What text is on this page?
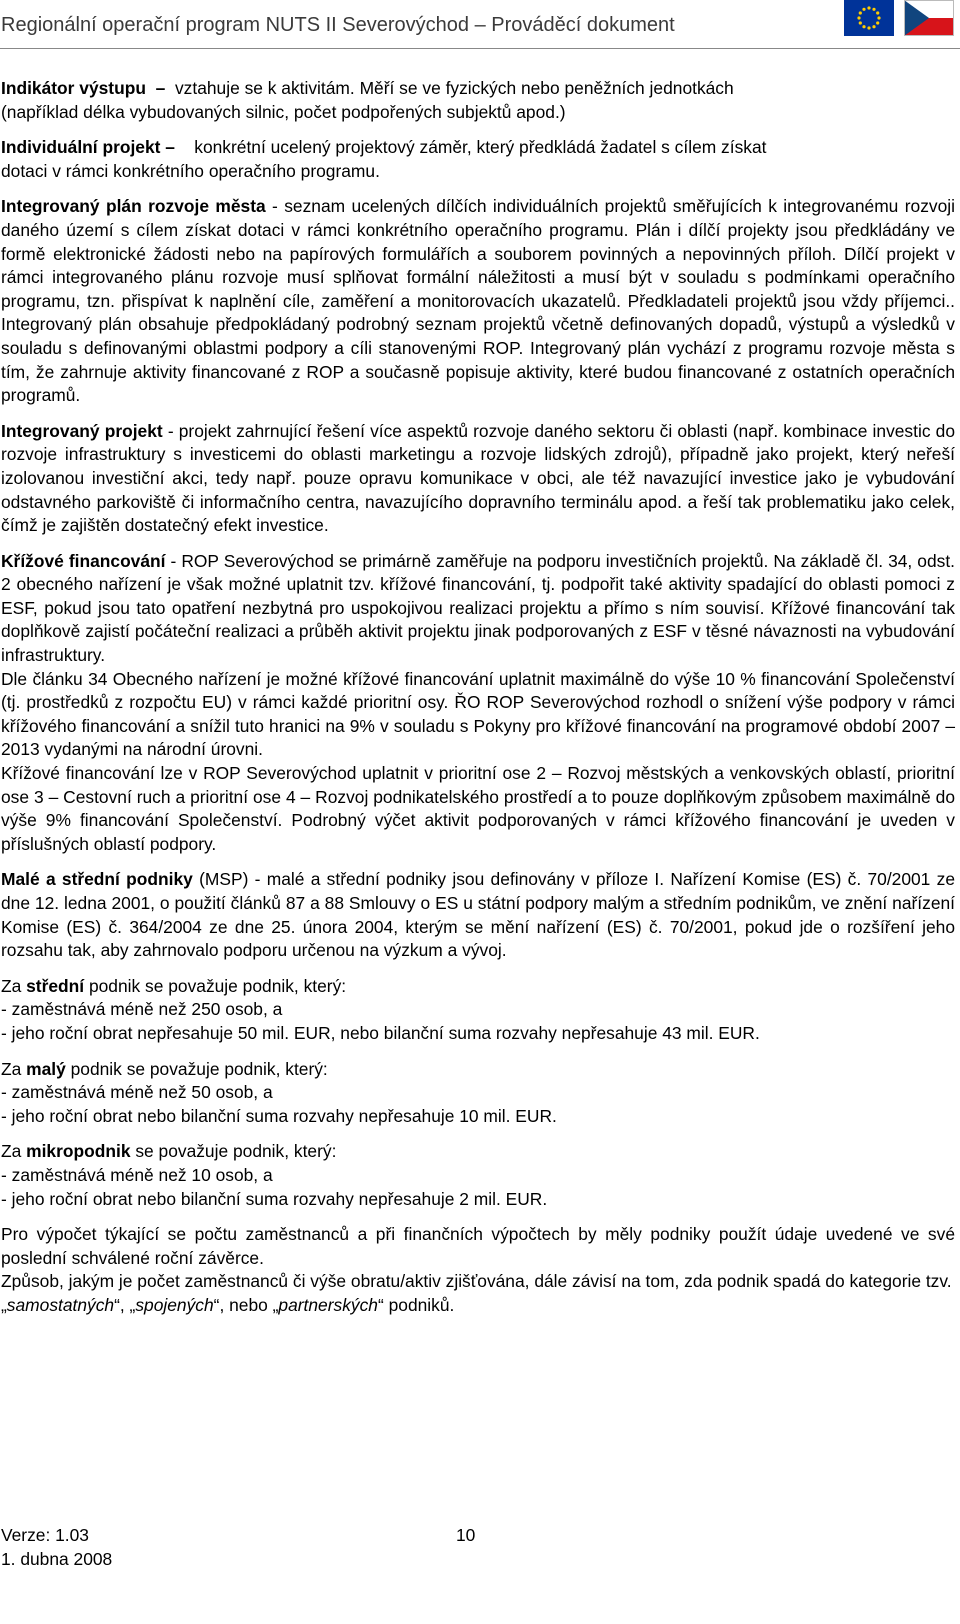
Regionální operační program NUTS II Severovýchod – Prováděcí dokument

Indikátor výstupu – vztahuje se k aktivitám. Měří se ve fyzických nebo peněžních jednotkách
(například délka vybudovaných silnic, počet podpořených subjektů apod.)

Individuální projekt – konkrétní ucelený projektový záměr, který předkládá žadatel s cílem získat
dotaci v rámci konkrétního operačního programu.

Integrovaný plán rozvoje města - seznam ucelených dílčích individuálních projektů směřujících k integrovanému rozvoji daného území s cílem získat dotaci v rámci konkrétního operačního programu. Plán i dílčí projekty jsou předkládány ve formě elektronické žádosti nebo na papírových formulářích a souborem povinných a nepovinných příloh. Dílčí projekt v rámci integrovaného plánu rozvoje musí splňovat formální náležitosti a musí být v souladu s podmínkami operačního programu, tzn. přispívat k naplnění cíle, zaměření a monitorovacích ukazatelů. Předkladateli projektů jsou vždy příjemci.. Integrovaný plán obsahuje předpokládaný podrobný seznam projektů včetně definovaných dopadů, výstupů a výsledků v souladu s definovanými oblastmi podpory a cíli stanovenými ROP. Integrovaný plán vychází z programu rozvoje města s tím, že zahrnuje aktivity financované z ROP a současně popisuje aktivity, které budou financované z ostatních operačních programů.

Integrovaný projekt - projekt zahrnující řešení více aspektů rozvoje daného sektoru či oblasti (např. kombinace investic do rozvoje infrastruktury s investicemi do oblasti marketingu a rozvoje lidských zdrojů), případně jako projekt, který neřeší izolovanou investiční akci, tedy např. pouze opravu komunikace v obci, ale též navazující investice jako je vybudování odstavného parkoviště či informačního centra, navazujícího dopravního terminálu apod. a řeší tak problematiku jako celek, čímž je zajištěn dostatečný efekt investice.

Křížové financování - ROP Severovýchod se primárně zaměřuje na podporu investičních projektů. Na základě čl. 34, odst. 2 obecného nařízení je však možné uplatnit tzv. křížové financování, tj. podpořit také aktivity spadající do oblasti pomoci z ESF, pokud jsou tato opatření nezbytná pro uspokojivou realizaci projektu a přímo s ním souvisí. Křížové financování tak doplňkově zajistí počáteční realizaci a průběh aktivit projektu jinak podporovaných z ESF v těsné návaznosti na vybudování infrastruktury.

Dle článku 34 Obecného nařízení je možné křížové financování uplatnit maximálně do výše 10 % financování Společenství (tj. prostředků z rozpočtu EU) v rámci každé prioritní osy. ŘO ROP Severovýchod rozhodl o snížení výše podpory v rámci křížového financování a snížil tuto hranici na 9% v souladu s Pokyny pro křížové financování na programové období 2007 – 2013 vydanými na národní úrovni.

Křížové financování lze v ROP Severovýchod uplatnit v prioritní ose 2 – Rozvoj městských a venkovských oblastí, prioritní ose 3 – Cestovní ruch a prioritní ose 4 – Rozvoj podnikatelského prostředí a to pouze doplňkovým způsobem maximálně do výše 9% financování Společenství. Podrobný výčet aktivit podporovaných v rámci křížového financování je uveden v příslušných oblastí podpory.

Malé a střední podniky (MSP) - malé a střední podniky jsou definovány v příloze I. Nařízení Komise (ES) č. 70/2001 ze dne 12. ledna 2001, o použití článků 87 a 88 Smlouvy o ES u státní podpory malým a středním podnikům, ve znění nařízení Komise (ES) č. 364/2004 ze dne 25. února 2004, kterým se mění nařízení (ES) č. 70/2001, pokud jde o rozšíření jeho rozsahu tak, aby zahrnovalo podporu určenou na výzkum a vývoj.

Za střední podnik se považuje podnik, který:
- zaměstnává méně než 250 osob, a
- jeho roční obrat nepřesahuje 50 mil. EUR, nebo bilanční suma rozvahy nepřesahuje 43 mil. EUR.

Za malý podnik se považuje podnik, který:
- zaměstnává méně než 50 osob, a
- jeho roční obrat nebo bilanční suma rozvahy nepřesahuje 10 mil. EUR.

Za mikropodnik se považuje podnik, který:
- zaměstnává méně než 10 osob, a
- jeho roční obrat nebo bilanční suma rozvahy nepřesahuje 2 mil. EUR.

Pro výpočet týkající se počtu zaměstnanců a při finančních výpočtech by měly podniky použít údaje uvedené ve své poslední schválené roční závěrce.

Způsob, jakým je počet zaměstnanců či výše obratu/aktiv zjišťována, dále závisí na tom, zda podnik spadá do kategorie tzv. „samostatných“, „spojených“, nebo „partnerských“ podniků.

Verze: 1.03
1. dubna 2008
10
